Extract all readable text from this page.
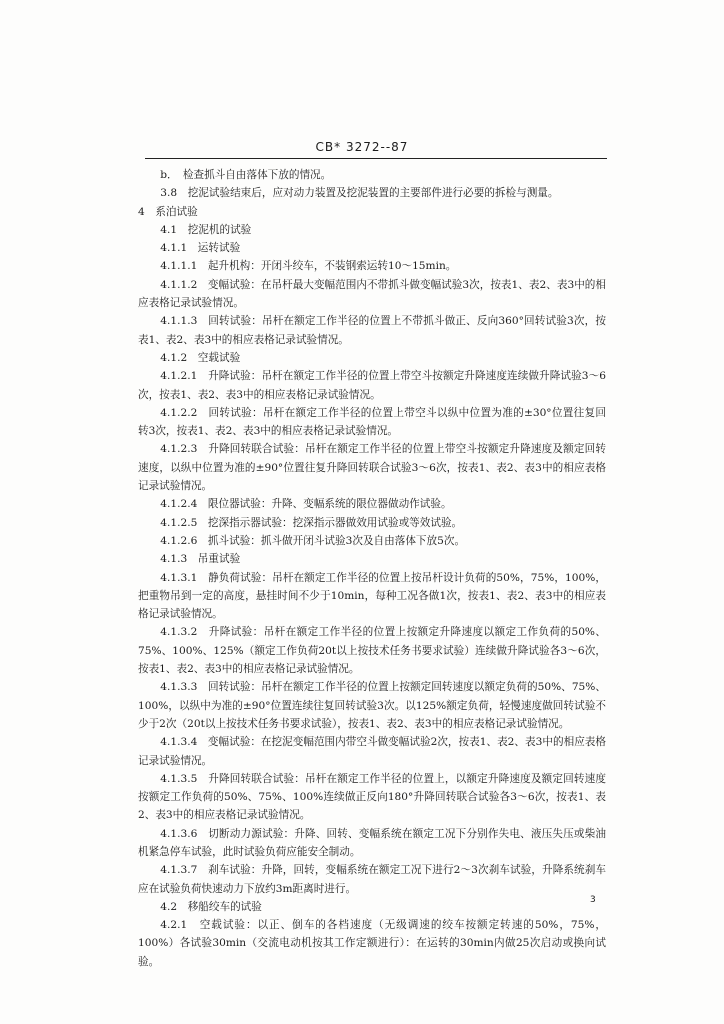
CB* 3272--87

b．　检查抓斗自由落体下放的情况。

3.8　挖泥试验结束后，应对动力装置及挖泥装置的主要部件进行必要的拆检与测量。

4　系泊试验

4.1　挖泥机的试验

4.1.1　运转试验

4.1.1.1　起升机构：开闭斗绞车，不装钢索运转10～15min。

4.1.1.2　变幅试验：在吊杆最大变幅范围内不带抓斗做变幅试验3次，按表1、表2、表3中的相应表格记录试验情况。

4.1.1.3　回转试验：吊杆在额定工作半径的位置上不带抓斗做正、反向360°回转试验3次，按表1、表2、表3中的相应表格记录试验情况。

4.1.2　空载试验

4.1.2.1　升降试验：吊杆在额定工作半径的位置上带空斗按额定升降速度连续做升降试验3～6次，按表1、表2、表3中的相应表格记录试验情况。

4.1.2.2　回转试验：吊杆在额定工作半径的位置上带空斗以纵中位置为准的±30°位置往复回转3次，按表1、表2、表3中的相应表格记录试验情况。

4.1.2.3　升降回转联合试验：吊杆在额定工作半径的位置上带空斗按额定升降速度及额定回转速度，以纵中位置为准的±90°位置往复升降回转联合试验3～6次，按表1、表2、表3中的相应表格记录试验情况。

4.1.2.4　限位器试验：升降、变幅系统的限位器做动作试验。

4.1.2.5　挖深指示器试验：挖深指示器做效用试验或等效试验。

4.1.2.6　抓斗试验：抓斗做开闭斗试验3次及自由落体下放5次。

4.1.3　吊重试验

4.1.3.1　静负荷试验：吊杆在额定工作半径的位置上按吊杆设计负荷的50%，75%，100%，把重物吊到一定的高度，悬挂时间不少于10min，每种工况各做1次，按表1、表2、表3中的相应表格记录试验情况。

4.1.3.2　升降试验：吊杆在额定工作半径的位置上按额定升降速度以额定工作负荷的50%、75%、100%、125%（额定工作负荷20t以上按技术任务书要求试验）连续做升降试验各3～6次，按表1、表2、表3中的相应表格记录试验情况。

4.1.3.3　回转试验：吊杆在额定工作半径的位置上按额定回转速度以额定负荷的50%、75%、100%，以纵中为准的±90°位置连续往复回转试验3次。以125%额定负荷，轻慢速度做回转试验不少于2次（20t以上按技术任务书要求试验），按表1、表2、表3中的相应表格记录试验情况。

4.1.3.4　变幅试验：在挖泥变幅范围内带空斗做变幅试验2次，按表1、表2、表3中的相应表格记录试验情况。

4.1.3.5　升降回转联合试验：吊杆在额定工作半径的位置上，以额定升降速度及额定回转速度按额定工作负荷的50%、75%、100%连续做正反向180°升降回转联合试验各3～6次，按表1、表2、表3中的相应表格记录试验情况。

4.1.3.6　切断动力源试验：升降、回转、变幅系统在额定工况下分别作失电、液压失压或柴油机紧急停车试验，此时试验负荷应能安全制动。

4.1.3.7　刹车试验：升降，回转，变幅系统在额定工况下进行2～3次刹车试验，升降系统刹车应在试验负荷快速动力下放约3m距离时进行。

4.2　移船绞车的试验

4.2.1　空载试验：以正、倒车的各档速度（无级调速的绞车按额定转速的50%，75%，100%）各试验30min（交流电动机按其工作定额进行）：在运转的30min内做25次启动或换向试验。

3
